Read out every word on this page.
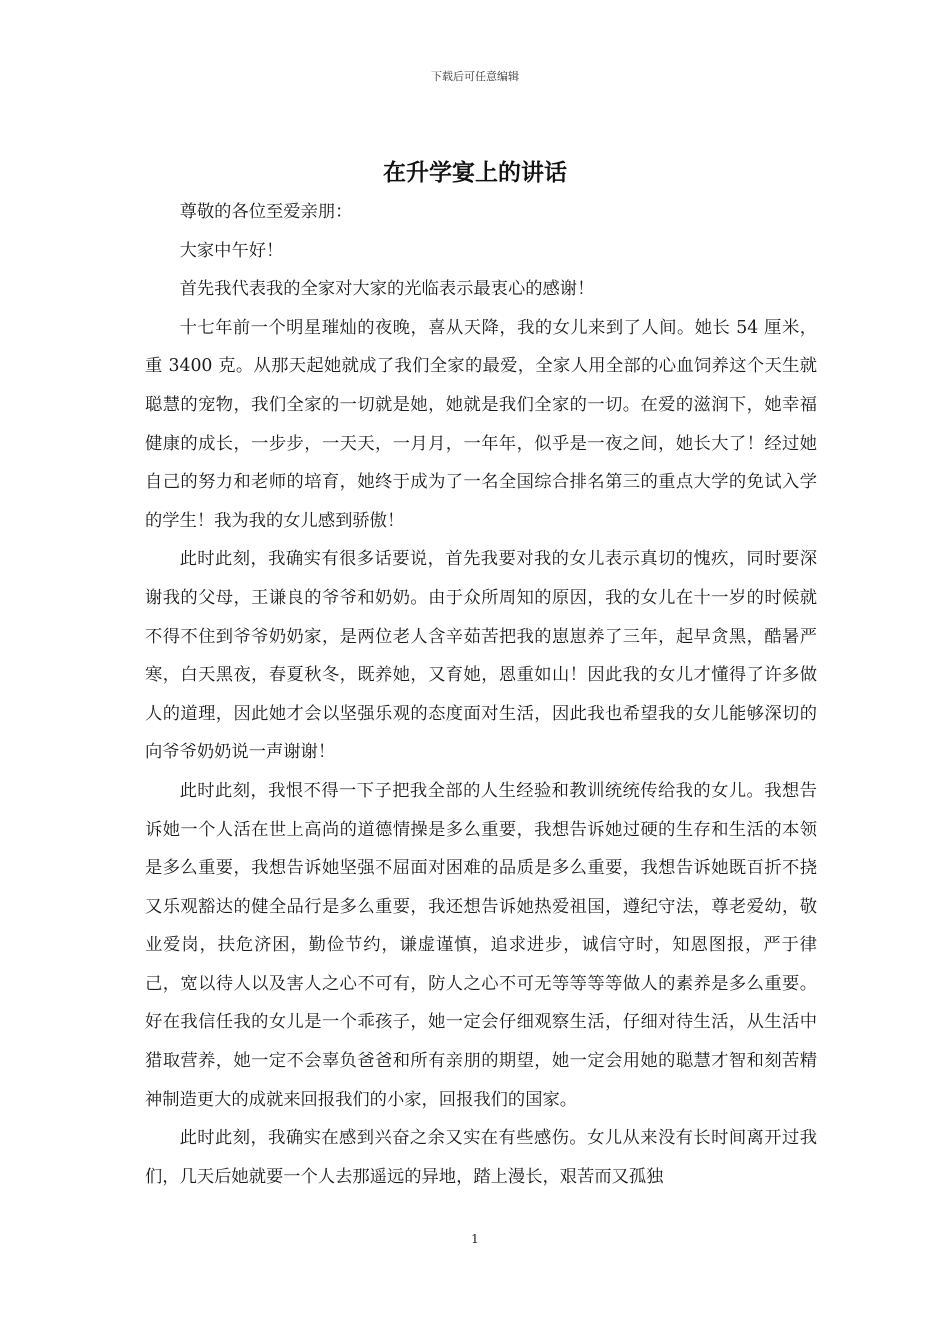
下载后可任意编辑
在升学宴上的讲话

尊敬的各位至爱亲朋：

大家中午好！

首先我代表我的全家对大家的光临表示最衷心的感谢！

十七年前一个明星璀灿的夜晚，喜从天降，我的女儿来到了人间。她长 54 厘米，重 3400 克。从那天起她就成了我们全家的最爱，全家人用全部的心血饲养这个天生就聪慧的宠物，我们全家的一切就是她，她就是我们全家的一切。在爱的滋润下，她幸福健康的成长，一步步，一天天，一月月，一年年，似乎是一夜之间，她长大了！经过她自己的努力和老师的培育，她终于成为了一名全国综合排名第三的重点大学的免试入学的学生！我为我的女儿感到骄傲！

此时此刻，我确实有很多话要说，首先我要对我的女儿表示真切的愧疚，同时要深谢我的父母，王谦良的爷爷和奶奶。由于众所周知的原因，我的女儿在十一岁的时候就不得不住到爷爷奶奶家，是两位老人含辛茹苦把我的崽崽养了三年，起早贪黑，酷暑严寒，白天黑夜，春夏秋冬，既养她，又育她，恩重如山！因此我的女儿才懂得了许多做人的道理，因此她才会以坚强乐观的态度面对生活，因此我也希望我的女儿能够深切的向爷爷奶奶说一声谢谢！

此时此刻，我恨不得一下子把我全部的人生经验和教训统统传给我的女儿。我想告诉她一个人活在世上高尚的道德情操是多么重要，我想告诉她过硬的生存和生活的本领是多么重要，我想告诉她坚强不屈面对困难的品质是多么重要，我想告诉她既百折不挠又乐观豁达的健全品行是多么重要，我还想告诉她热爱祖国，遵纪守法，尊老爱幼，敬业爱岗，扶危济困，勤俭节约，谦虚谨慎，追求进步，诚信守时，知恩图报，严于律己，宽以待人以及害人之心不可有，防人之心不可无等等等等做人的素养是多么重要。好在我信任我的女儿是一个乖孩子，她一定会仔细观察生活，仔细对待生活，从生活中猎取营养，她一定不会辜负爸爸和所有亲朋的期望，她一定会用她的聪慧才智和刻苦精神制造更大的成就来回报我们的小家，回报我们的国家。

此时此刻，我确实在感到兴奋之余又实在有些感伤。女儿从来没有长时间离开过我们，几天后她就要一个人去那遥远的异地，踏上漫长，艰苦而又孤独

1
